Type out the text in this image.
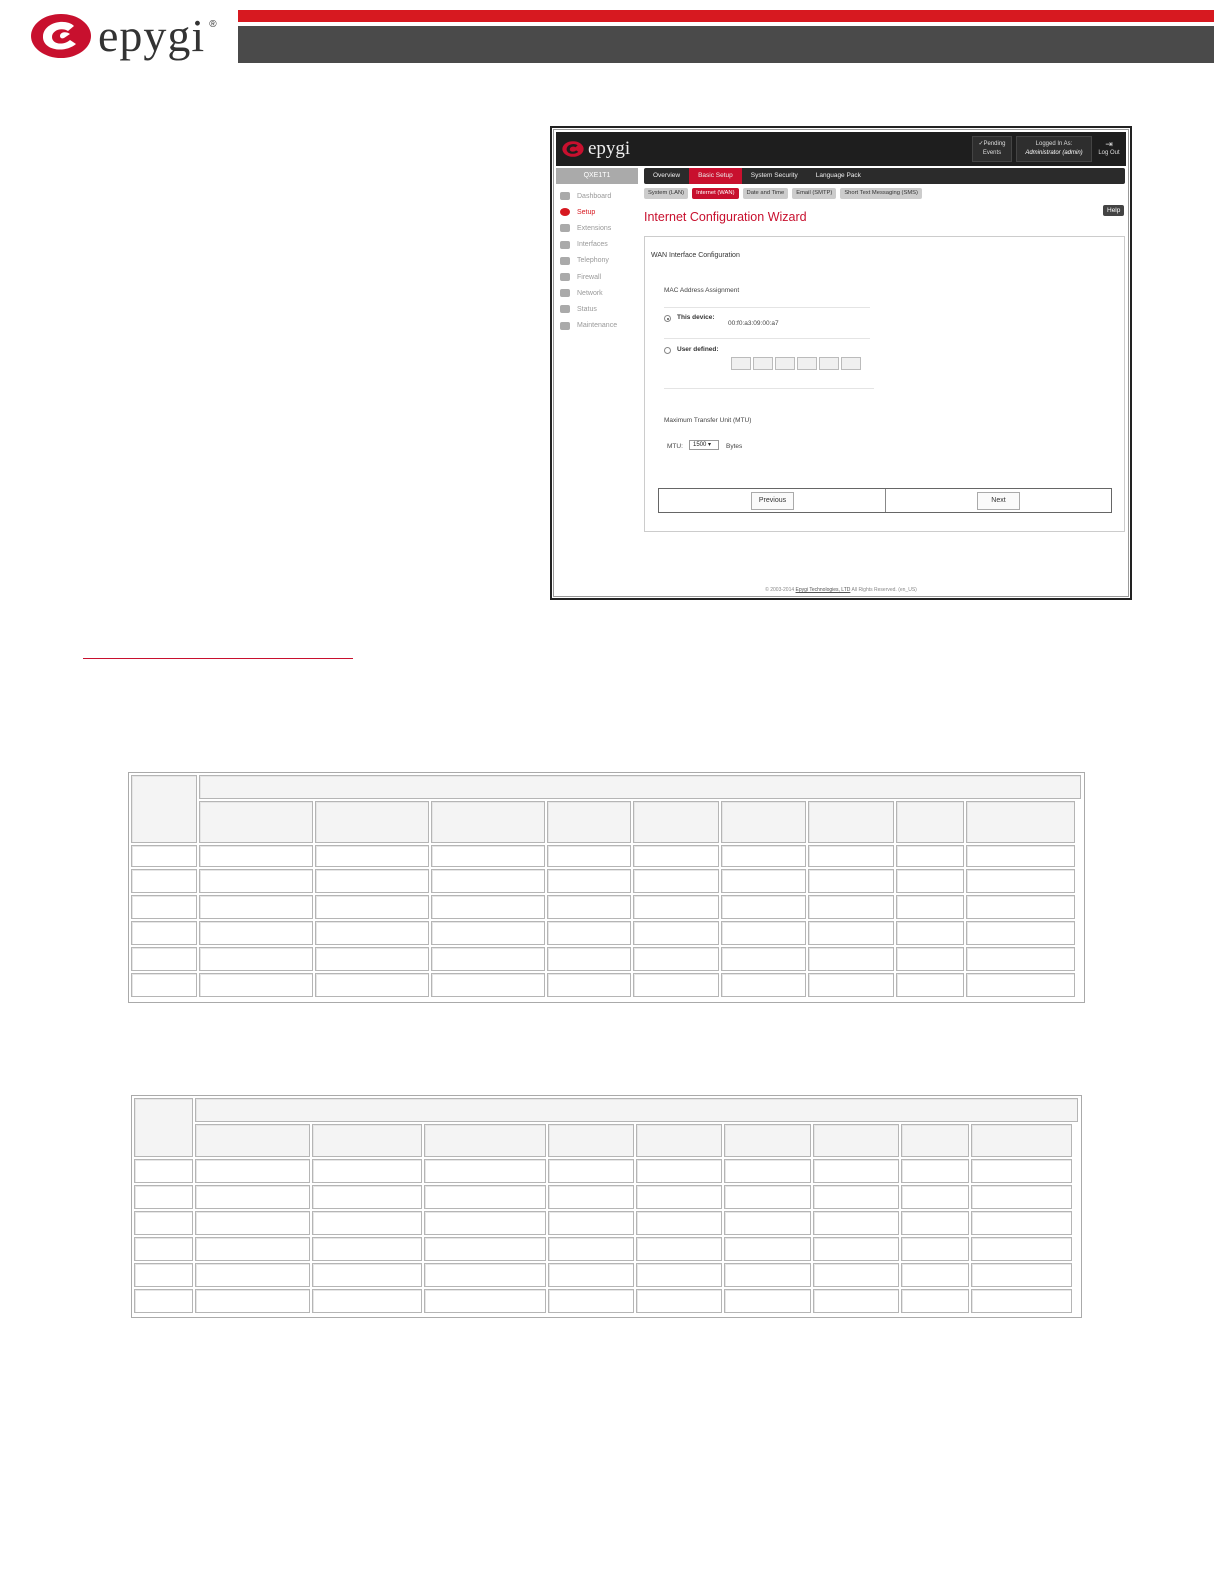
epygi ®
epygi	✓Pending
Events
Logged In As:
Administrator (admin)
⇥
Log Out
QXE1T1
Dashboard
Setup
Extensions
Interfaces
Telephony
Firewall
Network
Status
Maintenance
Overview	Basic Setup	System Security	Language Pack
System (LAN)	Internet (WAN)	Date and Time	Email (SMTP)	Short Text Messaging (SMS)
Internet Configuration Wizard	Help
WAN Interface Configuration
MAC Address Assignment
This device:
00:f0:a3:09:00:a7
User defined:
Maximum Transfer Unit (MTU)
MTU:	1500 ▾	Bytes
Previous	Next
© 2003-2014 Epygi Technologies, LTD All Rights Reserved. (en_US)
